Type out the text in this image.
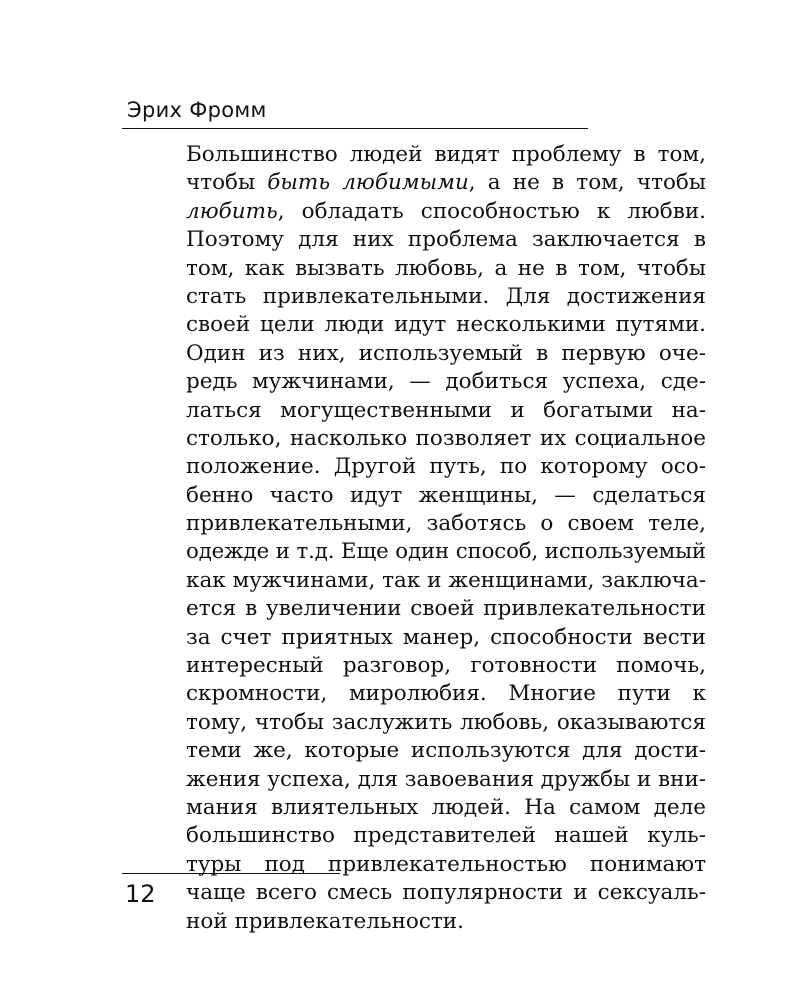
Эрих Фромм
Большинство людей видят проблему в том,
чтобы быть любимыми, а не в том, чтобы
любить, обладать способностью к любви.
Поэтому для них проблема заключается в
том, как вызвать любовь, а не в том, чтобы
стать привлекательными. Для достижения
своей цели люди идут несколькими путями.
Один из них, используемый в первую оче-
редь мужчинами, — добиться успеха, сде-
латься могущественными и богатыми на-
столько, насколько позволяет их социальное
положение. Другой путь, по которому осо-
бенно часто идут женщины, — сделаться
привлекательными, заботясь о своем теле,
одежде и т.д. Еще один способ, используемый
как мужчинами, так и женщинами, заключа-
ется в увеличении своей привлекательности
за счет приятных манер, способности вести
интересный разговор, готовности помочь,
скромности, миролюбия. Многие пути к
тому, чтобы заслужить любовь, оказываются
теми же, которые используются для дости-
жения успеха, для завоевания дружбы и вни-
мания влиятельных людей. На самом деле
большинство представителей нашей куль-
туры под привлекательностью понимают
чаще всего смесь популярности и сексуаль-
ной привлекательности.
12
